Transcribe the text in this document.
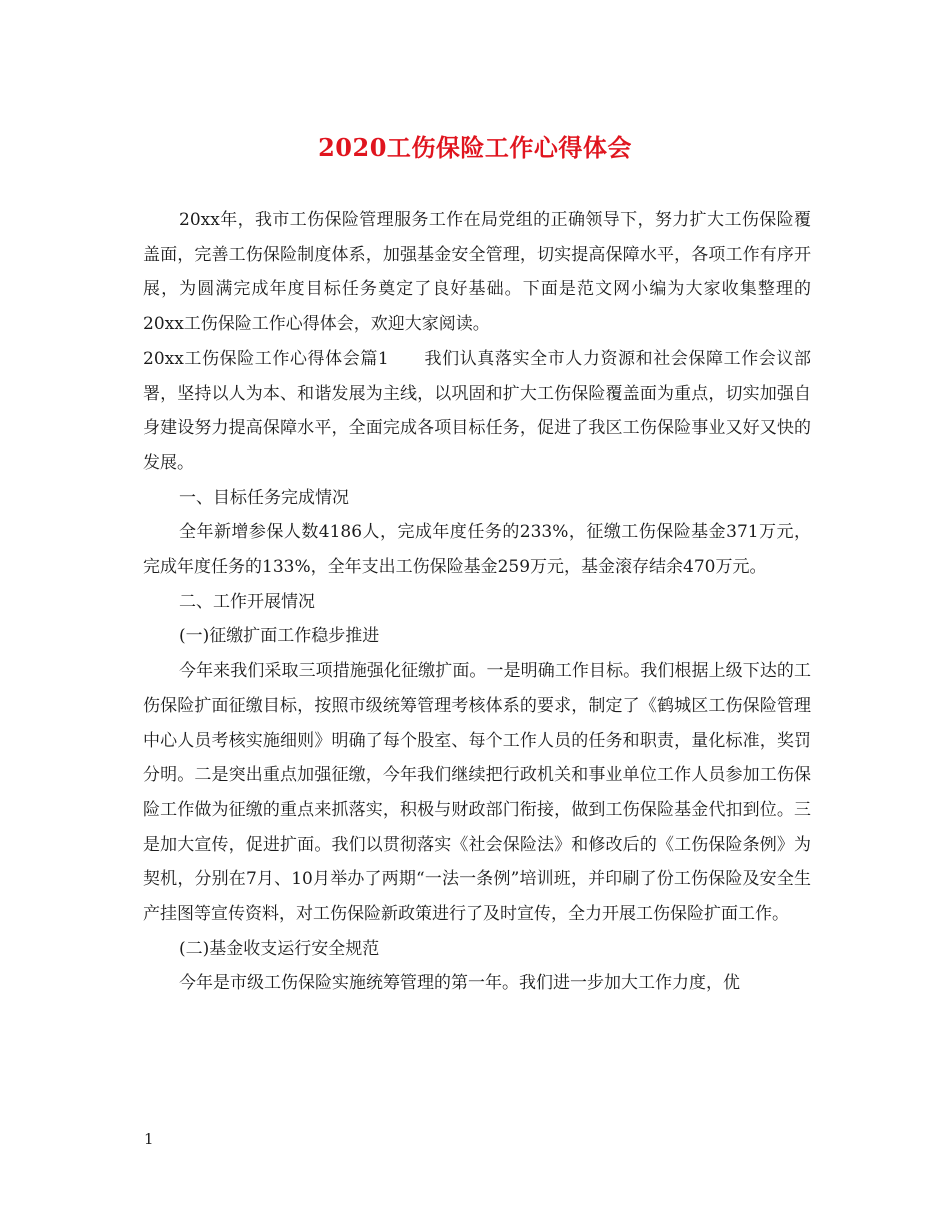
2020工伤保险工作心得体会

20xx年，我市工伤保险管理服务工作在局党组的正确领导下，努力扩大工伤保险覆盖面，完善工伤保险制度体系，加强基金安全管理，切实提高保障水平，各项工作有序开展，为圆满完成年度目标任务奠定了良好基础。下面是范文网小编为大家收集整理的20xx工伤保险工作心得体会，欢迎大家阅读。

20xx工伤保险工作心得体会篇1　　我们认真落实全市人力资源和社会保障工作会议部署，坚持以人为本、和谐发展为主线，以巩固和扩大工伤保险覆盖面为重点，切实加强自身建设努力提高保障水平，全面完成各项目标任务，促进了我区工伤保险事业又好又快的发展。

一、目标任务完成情况

全年新增参保人数4186人，完成年度任务的233%，征缴工伤保险基金371万元，完成年度任务的133%，全年支出工伤保险基金259万元，基金滚存结余470万元。

二、工作开展情况

(一)征缴扩面工作稳步推进

今年来我们采取三项措施强化征缴扩面。一是明确工作目标。我们根据上级下达的工伤保险扩面征缴目标，按照市级统筹管理考核体系的要求，制定了《鹤城区工伤保险管理中心人员考核实施细则》明确了每个股室、每个工作人员的任务和职责，量化标准，奖罚分明。二是突出重点加强征缴，今年我们继续把行政机关和事业单位工作人员参加工伤保险工作做为征缴的重点来抓落实，积极与财政部门衔接，做到工伤保险基金代扣到位。三是加大宣传，促进扩面。我们以贯彻落实《社会保险法》和修改后的《工伤保险条例》为契机，分别在7月、10月举办了两期“一法一条例”培训班，并印刷了份工伤保险及安全生产挂图等宣传资料，对工伤保险新政策进行了及时宣传，全力开展工伤保险扩面工作。

(二)基金收支运行安全规范

今年是市级工伤保险实施统筹管理的第一年。我们进一步加大工作力度，优

1
